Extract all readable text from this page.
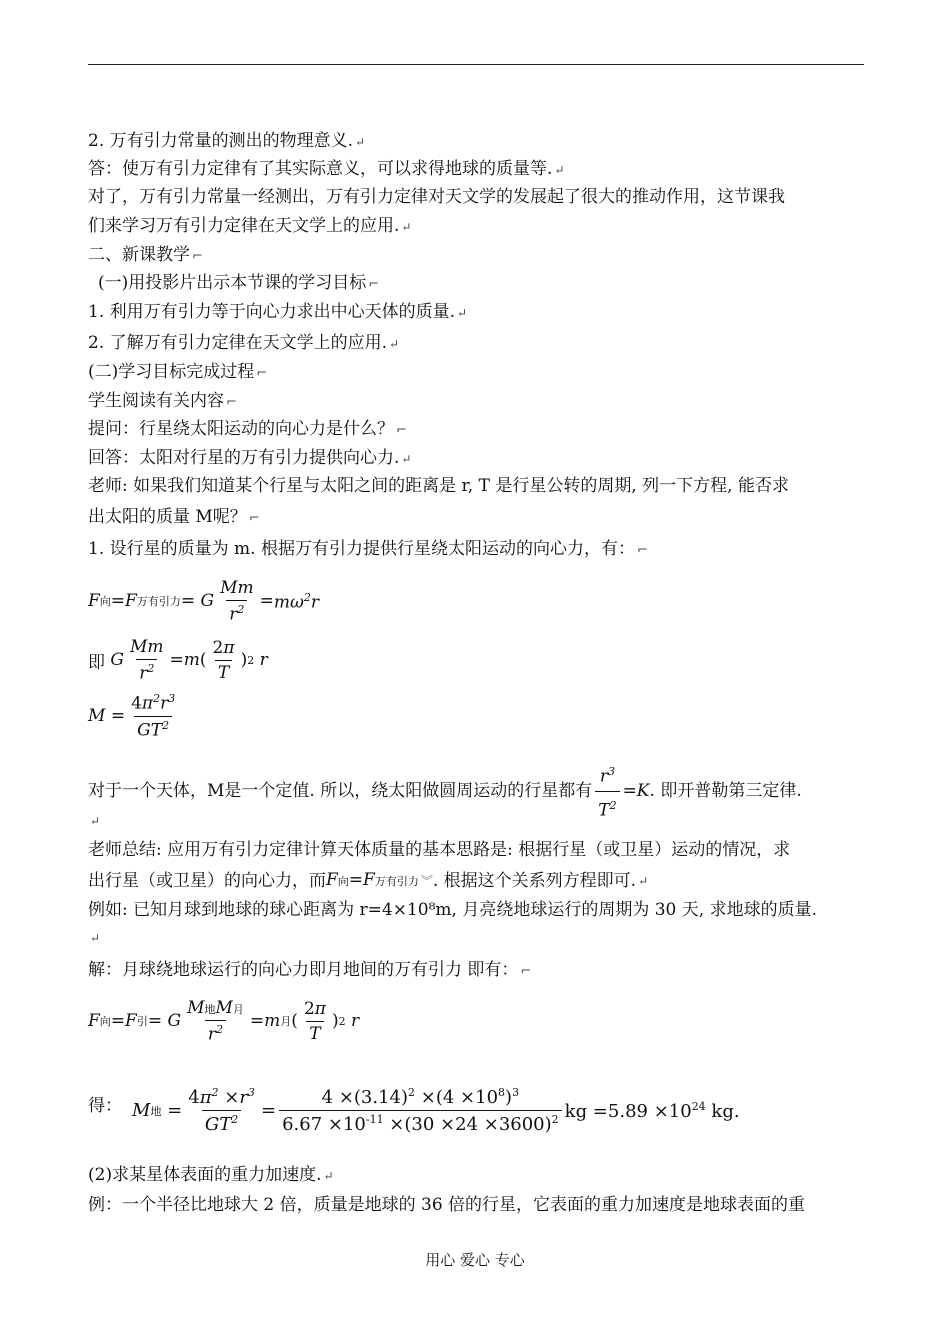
2. 万有引力常量的测出的物理意义. ↵
答：使万有引力定律有了其实际意义，可以求得地球的质量等. ↵
对了，万有引力常量一经测出，万有引力定律对天文学的发展起了很大的推动作用，这节课我
们来学习万有引力定律在天文学上的应用. ↵
二、新课教学 ⌐
(一)用投影片出示本节课的学习目标 ⌐
1. 利用万有引力等于向心力求出中心天体的质量. ↵
2. 了解万有引力定律在天文学上的应用. ↵
(二)学习目标完成过程 ⌐
学生阅读有关内容 ⌐
提问：行星绕太阳运动的向心力是什么？ ⌐
回答：太阳对行星的万有引力提供向心力. ↵
老师: 如果我们知道某个行星与太阳之间的距离是 r, T 是行星公转的周期, 列一下方程, 能否求
出太阳的质量 M呢？ ⌐
1. 设行星的质量为 m. 根据万有引力提供行星绕太阳运动的向心力，有： ⌐
F 向 = F 万有引力 = G $\frac{Mm}{r^2} = m\omega^2r$
即 G $\frac{Mm}{r^2} = m$ ( $\frac{2\pi}{T}$ ) 2 r
$M = \frac{4\pi^2r^3}{GT^2}$
对于一个天体，M是一个定值. 所以，绕太阳做圆周运动的行星都有 $\frac{r^3}{T^2} =K$ . 即开普勒第三定律.
↵
老师总结: 应用万有引力定律计算天体质量的基本思路是: 根据行星（或卫星）运动的情况，求
出行星（或卫星）的向心力，而 F向=F万有引力 ︾ . 根据这个关系列方程即可. ↵
例如: 已知月球到地球的球心距离为 r=4×10⁸m, 月亮绕地球运行的周期为 30 天, 求地球的质量.
↵
解：月球绕地球运行的向心力即月地间的万有引力 即有： ⌐
F 向 = F 引 = G $\frac{\text{M地M月}}{r^2} = m$ 月 ( $\frac{2\pi}{T}$ ) 2 r
得： M 地 = $\frac{4\pi^2 \times r^3}{GT^2} = \frac{4 \times(3.14)^2 \times(4 \times 10^8)^3}{6.67 \times 10^{-11} \times(30 \times 24 \times 3600)^2}$ kg $=5.89 \times 10^{24}$ kg.
(2)求某星体表面的重力加速度. ↵
例：一个半径比地球大 2 倍，质量是地球的 36 倍的行星，它表面的重力加速度是地球表面的重
用心 爱心 专心
